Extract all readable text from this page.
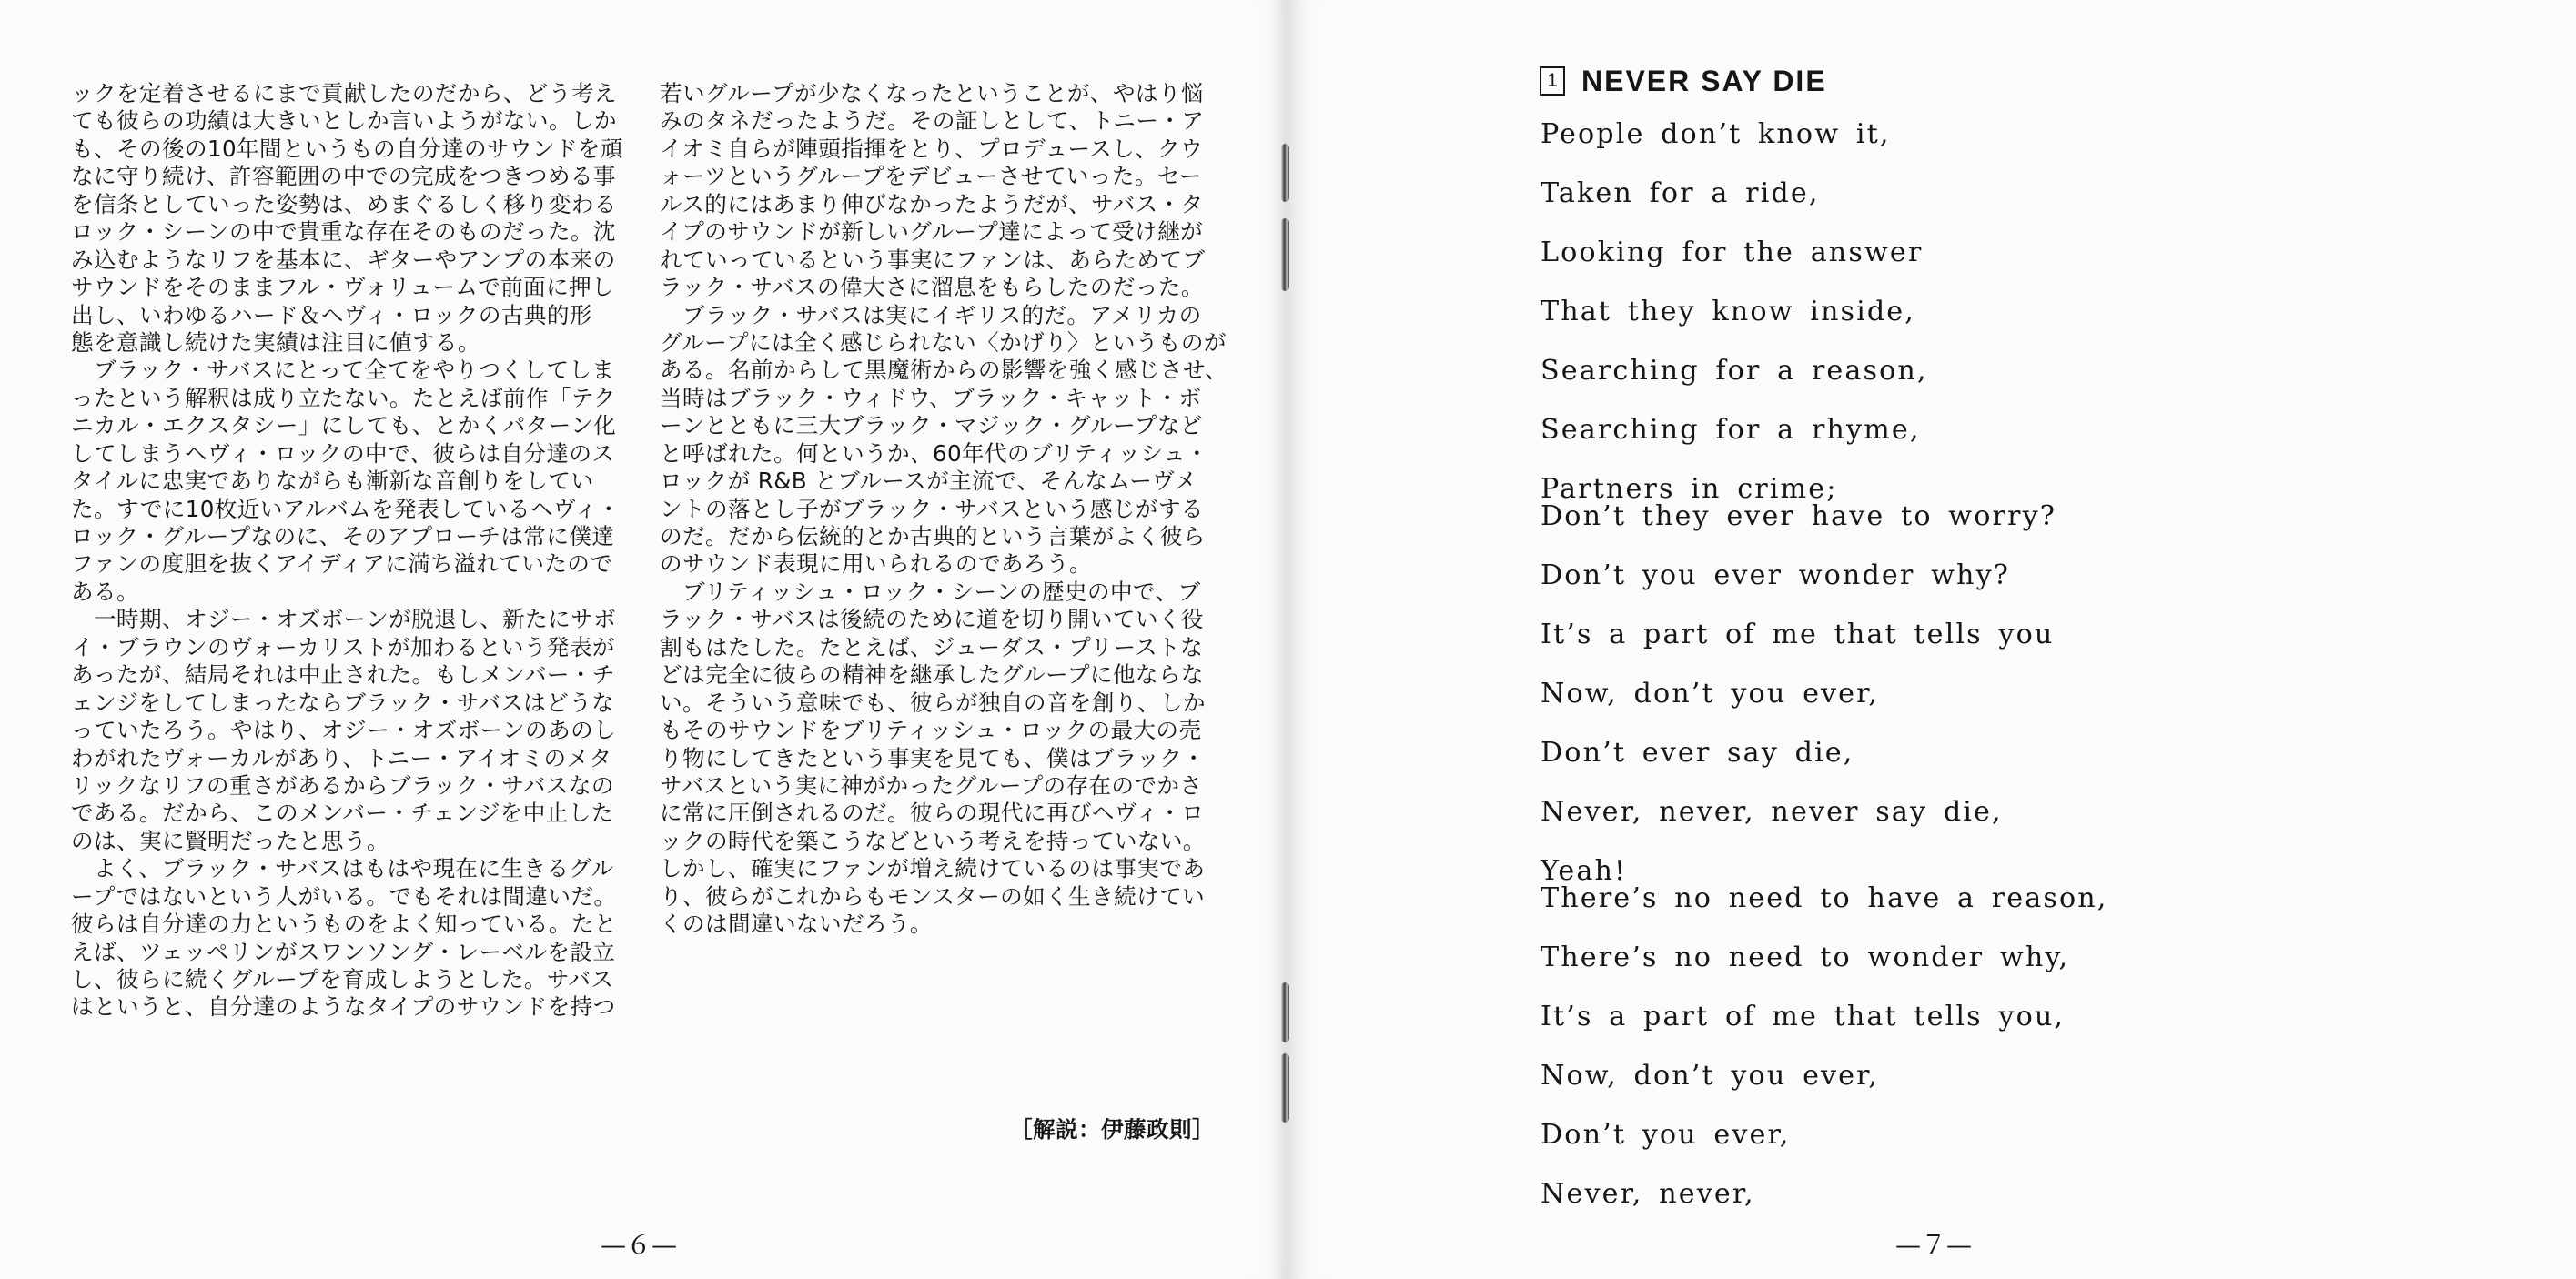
ックを定着させるにまで貢献したのだから、どう考え
ても彼らの功績は大きいとしか言いようがない。しか
も、その後の10年間というもの自分達のサウンドを頑
なに守り続け、許容範囲の中での完成をつきつめる事
を信条としていった姿勢は、めまぐるしく移り変わる
ロック・シーンの中で貴重な存在そのものだった。沈
み込むようなリフを基本に、ギターやアンプの本来の
サウンドをそのままフル・ヴォリュームで前面に押し
出し、いわゆるハード＆ヘヴィ・ロックの古典的形
態を意識し続けた実績は注目に値する。
　ブラック・サバスにとって全てをやりつくしてしま
ったという解釈は成り立たない。たとえば前作「テク
ニカル・エクスタシー」にしても、とかくパターン化
してしまうヘヴィ・ロックの中で、彼らは自分達のス
タイルに忠実でありながらも漸新な音創りをしてい
た。すでに10枚近いアルバムを発表しているヘヴィ・
ロック・グループなのに、そのアプローチは常に僕達
ファンの度胆を抜くアイディアに満ち溢れていたので
ある。
　一時期、オジー・オズボーンが脱退し、新たにサボ
イ・ブラウンのヴォーカリストが加わるという発表が
あったが、結局それは中止された。もしメンバー・チ
ェンジをしてしまったならブラック・サバスはどうな
っていたろう。やはり、オジー・オズボーンのあのし
わがれたヴォーカルがあり、トニー・アイオミのメタ
リックなリフの重さがあるからブラック・サバスなの
である。だから、このメンバー・チェンジを中止した
のは、実に賢明だったと思う。
　よく、ブラック・サバスはもはや現在に生きるグル
ープではないという人がいる。でもそれは間違いだ。
彼らは自分達の力というものをよく知っている。たと
えば、ツェッペリンがスワンソング・レーベルを設立
し、彼らに続くグループを育成しようとした。サバス
はというと、自分達のようなタイプのサウンドを持つ
若いグループが少なくなったということが、やはり悩
みのタネだったようだ。その証しとして、トニー・ア
イオミ自らが陣頭指揮をとり、プロデュースし、クウ
ォーツというグループをデビューさせていった。セー
ルス的にはあまり伸びなかったようだが、サバス・タ
イプのサウンドが新しいグループ達によって受け継が
れていっているという事実にファンは、あらためてブ
ラック・サバスの偉大さに溜息をもらしたのだった。
　ブラック・サバスは実にイギリス的だ。アメリカの
グループには全く感じられない〈かげり〉というものが
ある。名前からして黒魔術からの影響を強く感じさせ、
当時はブラック・ウィドウ、ブラック・キャット・ボ
ーンとともに三大ブラック・マジック・グループなど
と呼ばれた。何というか、60年代のブリティッシュ・
ロックが R&B とブルースが主流で、そんなムーヴメ
ントの落とし子がブラック・サバスという感じがする
のだ。だから伝統的とか古典的という言葉がよく彼ら
のサウンド表現に用いられるのであろう。
　ブリティッシュ・ロック・シーンの歴史の中で、ブ
ラック・サバスは後続のために道を切り開いていく役
割もはたした。たとえば、ジューダス・プリーストな
どは完全に彼らの精神を継承したグループに他ならな
い。そういう意味でも、彼らが独自の音を創り、しか
もそのサウンドをブリティッシュ・ロックの最大の売
り物にしてきたという事実を見ても、僕はブラック・
サバスという実に神がかったグループの存在のでかさ
に常に圧倒されるのだ。彼らの現代に再びヘヴィ・ロ
ックの時代を築こうなどという考えを持っていない。
しかし、確実にファンが増え続けているのは事実であ
り、彼らがこれからもモンスターの如く生き続けてい
くのは間違いないだろう。
［解説：伊藤政則］
—６—
1 NEVER SAY DIE
People don’t know it,
Taken for a ride,
Looking for the answer
That they know inside,
Searching for a reason,
Searching for a rhyme,
Partners in crime;
Don’t they ever have to worry?
Don’t you ever wonder why?
It’s a part of me that tells you
Now, don’t you ever,
Don’t ever say die,
Never, never, never say die,
Yeah!
There’s no need to have a reason,
There’s no need to wonder why,
It’s a part of me that tells you,
Now, don’t you ever,
Don’t you ever,
Never, never,
—７—
